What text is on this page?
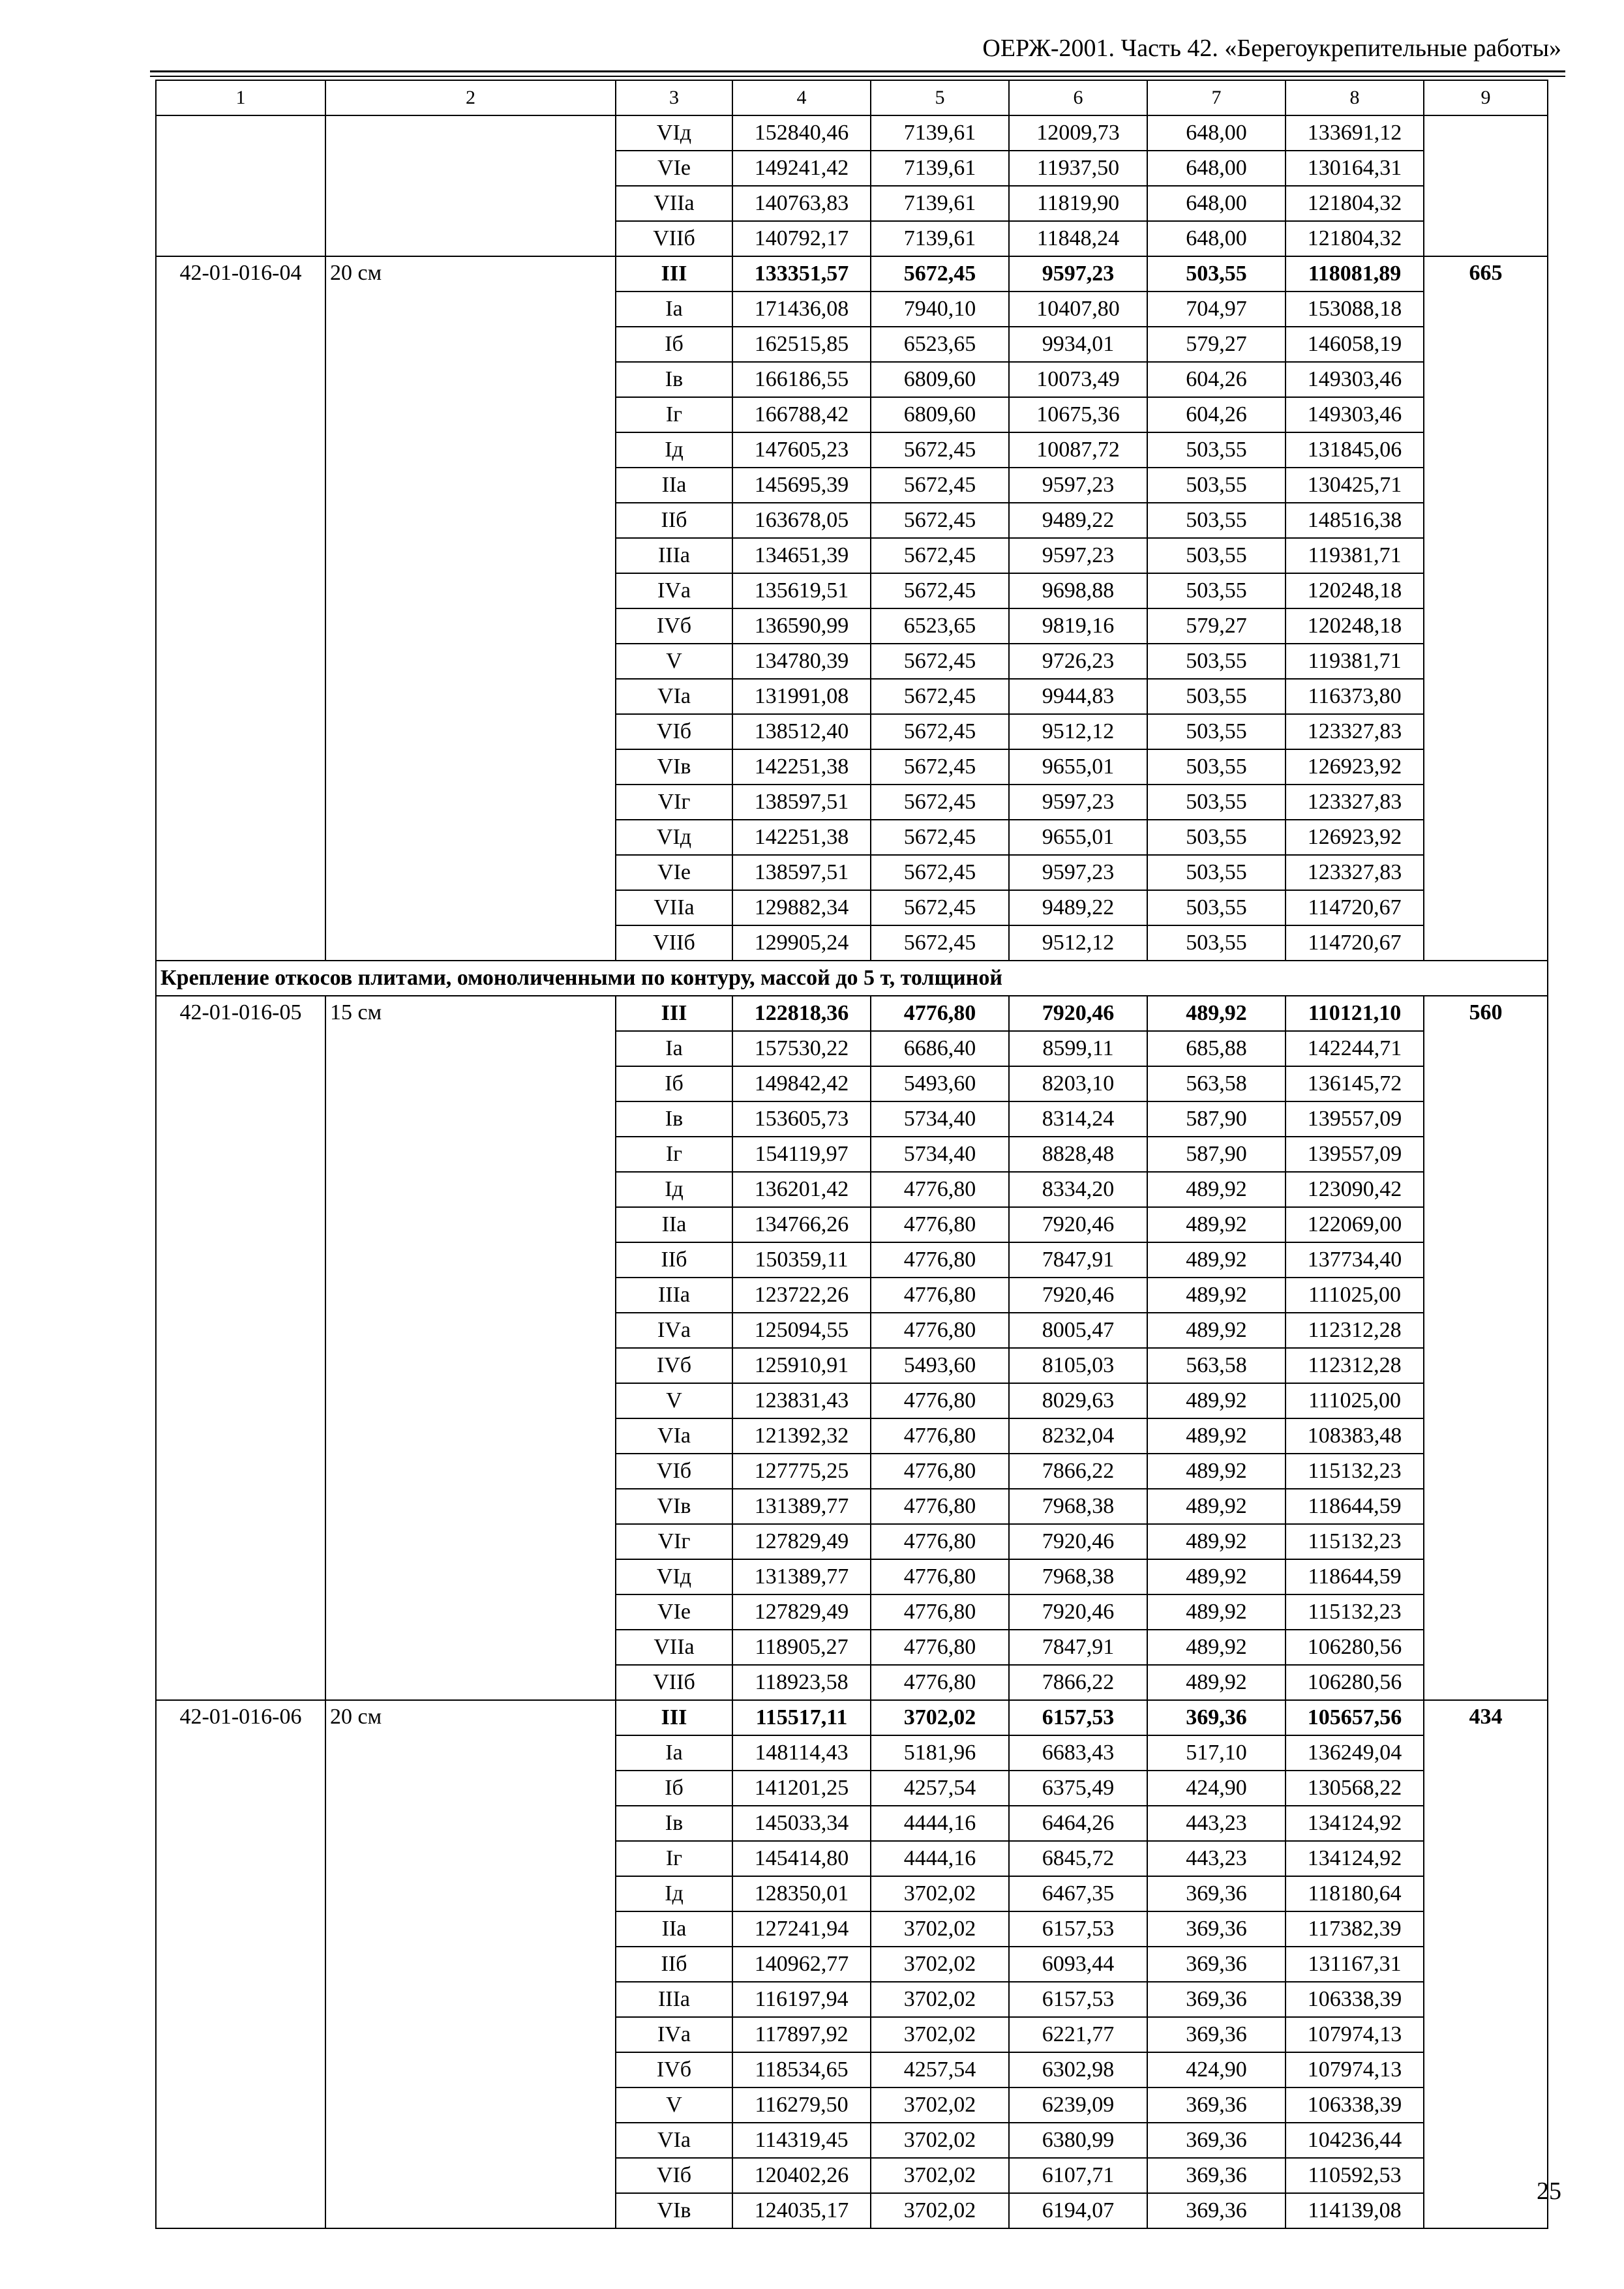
ОЕРЖ-2001. Часть 42. «Берегоукрепительные работы»
1	2	3	4	5	6	7	8	9
		VIд	152840,46	7139,61	12009,73	648,00	133691,12	
		VIе	149241,42	7139,61	11937,50	648,00	130164,31	
		VIIа	140763,83	7139,61	11819,90	648,00	121804,32	
		VIIб	140792,17	7139,61	11848,24	648,00	121804,32	
42-01-016-04	20 см	III	133351,57	5672,45	9597,23	503,55	118081,89	665
		Iа	171436,08	7940,10	10407,80	704,97	153088,18	
		Iб	162515,85	6523,65	9934,01	579,27	146058,19	
		Iв	166186,55	6809,60	10073,49	604,26	149303,46	
		Iг	166788,42	6809,60	10675,36	604,26	149303,46	
		Iд	147605,23	5672,45	10087,72	503,55	131845,06	
		IIа	145695,39	5672,45	9597,23	503,55	130425,71	
		IIб	163678,05	5672,45	9489,22	503,55	148516,38	
		IIIа	134651,39	5672,45	9597,23	503,55	119381,71	
		IVа	135619,51	5672,45	9698,88	503,55	120248,18	
		IVб	136590,99	6523,65	9819,16	579,27	120248,18	
		V	134780,39	5672,45	9726,23	503,55	119381,71	
		VIа	131991,08	5672,45	9944,83	503,55	116373,80	
		VIб	138512,40	5672,45	9512,12	503,55	123327,83	
		VIв	142251,38	5672,45	9655,01	503,55	126923,92	
		VIг	138597,51	5672,45	9597,23	503,55	123327,83	
		VIд	142251,38	5672,45	9655,01	503,55	126923,92	
		VIе	138597,51	5672,45	9597,23	503,55	123327,83	
		VIIа	129882,34	5672,45	9489,22	503,55	114720,67	
		VIIб	129905,24	5672,45	9512,12	503,55	114720,67	
Крепление откосов плитами, омоноличенными по контуру, массой до 5 т, толщиной								
42-01-016-05	15 см	III	122818,36	4776,80	7920,46	489,92	110121,10	560
		Iа	157530,22	6686,40	8599,11	685,88	142244,71	
		Iб	149842,42	5493,60	8203,10	563,58	136145,72	
		Iв	153605,73	5734,40	8314,24	587,90	139557,09	
		Iг	154119,97	5734,40	8828,48	587,90	139557,09	
		Iд	136201,42	4776,80	8334,20	489,92	123090,42	
		IIа	134766,26	4776,80	7920,46	489,92	122069,00	
		IIб	150359,11	4776,80	7847,91	489,92	137734,40	
		IIIа	123722,26	4776,80	7920,46	489,92	111025,00	
		IVа	125094,55	4776,80	8005,47	489,92	112312,28	
		IVб	125910,91	5493,60	8105,03	563,58	112312,28	
		V	123831,43	4776,80	8029,63	489,92	111025,00	
		VIа	121392,32	4776,80	8232,04	489,92	108383,48	
		VIб	127775,25	4776,80	7866,22	489,92	115132,23	
		VIв	131389,77	4776,80	7968,38	489,92	118644,59	
		VIг	127829,49	4776,80	7920,46	489,92	115132,23	
		VIд	131389,77	4776,80	7968,38	489,92	118644,59	
		VIе	127829,49	4776,80	7920,46	489,92	115132,23	
		VIIа	118905,27	4776,80	7847,91	489,92	106280,56	
		VIIб	118923,58	4776,80	7866,22	489,92	106280,56	
42-01-016-06	20 см	III	115517,11	3702,02	6157,53	369,36	105657,56	434
		Iа	148114,43	5181,96	6683,43	517,10	136249,04	
		Iб	141201,25	4257,54	6375,49	424,90	130568,22	
		Iв	145033,34	4444,16	6464,26	443,23	134124,92	
		Iг	145414,80	4444,16	6845,72	443,23	134124,92	
		Iд	128350,01	3702,02	6467,35	369,36	118180,64	
		IIа	127241,94	3702,02	6157,53	369,36	117382,39	
		IIб	140962,77	3702,02	6093,44	369,36	131167,31	
		IIIа	116197,94	3702,02	6157,53	369,36	106338,39	
		IVа	117897,92	3702,02	6221,77	369,36	107974,13	
		IVб	118534,65	4257,54	6302,98	424,90	107974,13	
		V	116279,50	3702,02	6239,09	369,36	106338,39	
		VIа	114319,45	3702,02	6380,99	369,36	104236,44	
		VIб	120402,26	3702,02	6107,71	369,36	110592,53	
		VIв	124035,17	3702,02	6194,07	369,36	114139,08	
25
